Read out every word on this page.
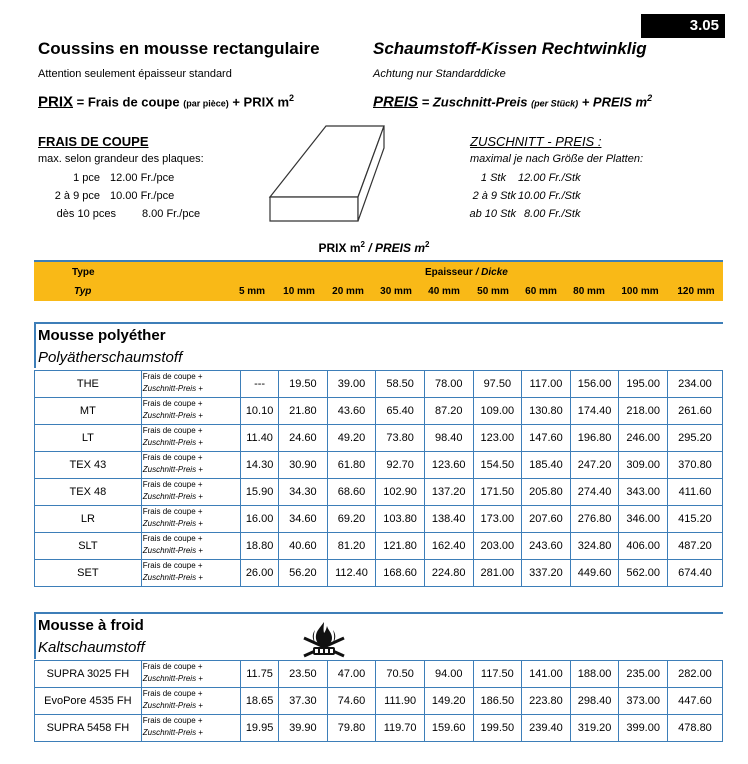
3.05
Coussins en mousse rectangulaire	Schaumstoff-Kissen Rechtwinklig
Attention seulement épaisseur standard	Achtung nur Standarddicke
PRIX = Frais de coupe (par pièce) + PRIX $m^2$	PREIS = Zuschnitt-Preis (per Stück) + PREIS $m^2$
FRAIS DE COUPE
max. selon grandeur des plaques:
1 pce 12.00 Fr./pce
2 à 9 pce 10.00 Fr./pce
dès 10 pces 8.00 Fr./pce
ZUSCHNITT - PREIS :
maximal je nach Größe der Platten:
1 Stk 12.00 Fr./Stk
2 à 9 Stk 10.00 Fr./Stk
ab 10 Stk 8.00 Fr./Stk
PRIX $m^2$ / PREIS $m^2$
Type
Typ
Epaisseur / Dicke
5 mm	10 mm	20 mm	30 mm	40 mm	50 mm	60 mm	80 mm	100 mm	120 mm
Mousse polyéther
Polyätherschaumstoff
THE	Frais de coupe +
Zuschnitt-Preis +	---	19.50	39.00	58.50	78.00	97.50	117.00	156.00	195.00	234.00
MT	Frais de coupe +
Zuschnitt-Preis +	10.10	21.80	43.60	65.40	87.20	109.00	130.80	174.40	218.00	261.60
LT	Frais de coupe +
Zuschnitt-Preis +	11.40	24.60	49.20	73.80	98.40	123.00	147.60	196.80	246.00	295.20
TEX 43	Frais de coupe +
Zuschnitt-Preis +	14.30	30.90	61.80	92.70	123.60	154.50	185.40	247.20	309.00	370.80
TEX 48	Frais de coupe +
Zuschnitt-Preis +	15.90	34.30	68.60	102.90	137.20	171.50	205.80	274.40	343.00	411.60
LR	Frais de coupe +
Zuschnitt-Preis +	16.00	34.60	69.20	103.80	138.40	173.00	207.60	276.80	346.00	415.20
SLT	Frais de coupe +
Zuschnitt-Preis +	18.80	40.60	81.20	121.80	162.40	203.00	243.60	324.80	406.00	487.20
SET	Frais de coupe +
Zuschnitt-Preis +	26.00	56.20	112.40	168.60	224.80	281.00	337.20	449.60	562.00	674.40
Mousse à froid
Kaltschaumstoff
SUPRA 3025 FH	Frais de coupe +
Zuschnitt-Preis +	11.75	23.50	47.00	70.50	94.00	117.50	141.00	188.00	235.00	282.00
EvoPore 4535 FH	Frais de coupe +
Zuschnitt-Preis +	18.65	37.30	74.60	111.90	149.20	186.50	223.80	298.40	373.00	447.60
SUPRA 5458 FH	Frais de coupe +
Zuschnitt-Preis +	19.95	39.90	79.80	119.70	159.60	199.50	239.40	319.20	399.00	478.80
